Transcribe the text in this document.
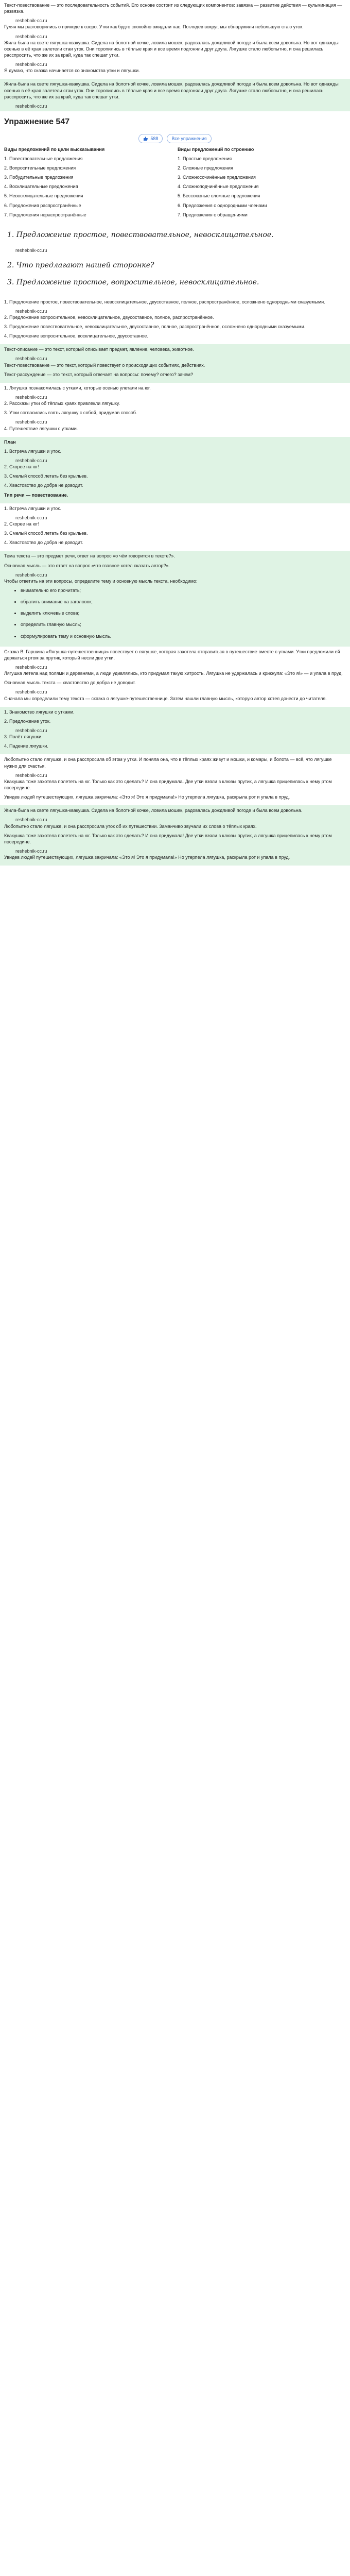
Текст-повествование — это последовательность событий. Его основе состоит из следующих компонентов: завязка — развитие действия — кульминация — развязка.

reshebnik-cc.ru

Гуляя мы разговорились о приходе к озеро. Утки как будто спокойно ожидали нас. Поглядев вокруг, мы обнаружили небольшую стаю уток.

reshebnik-cc.ru

Жила-была на свете лягушка-квакушка. Сидела на болотной кочке, ловила мошек, радовалась дождливой погоде и была всем довольна. Но вот однажды осенью в её края залетели стаи уток. Они торопились в тёплые края и все время подгоняли друг друга. Лягушке стало любопытно, и она решилась расспросить, что же их за край, куда так спешат утки.

reshebnik-cc.ru

Я думаю, что сказка начинается со знакомства утки и лягушки.

Жила-была на свете лягушка-квакушка. Сидела на болотной кочке, ловила мошек, радовалась дождливой погоде и была всем довольна. Но вот однажды осенью в её края залетели стаи уток. Они торопились в тёплые края и все время подгоняли друг друга. Лягушке стало любопытно, и она решилась расспросить, что же их за край, куда так спешат утки.

reshebnik-cc.ru
Упражнение 547
588	Все упражнения

Виды предложений по цели высказывания

1. Повествовательные предложения

2. Вопросительные предложения

3. Побудительные предложения

4. Восклицательные предложения

5. Невосклицательные предложения

6. Предложения распространённые

7. Предложения нераспространённые

Виды предложений по строению

1. Простые предложения

2. Сложные предложения

3. Сложносочинённые предложения

4. Сложноподчинённые предложения

5. Бессоюзные сложные предложения

6. Предложения с однородными членами

7. Предложения с обращениями

1. Предложение простое, повествовательное, невосклицательное.

reshebnik-cc.ru

2. Что предлагают нашей сторонке?

3. Предложение простое, вопросительное, невосклицательное.

1. Предложение простое, повествовательное, невосклицательное, двусоставное, полное, распространённое, осложнено однородными сказуемыми.

reshebnik-cc.ru

2. Предложение вопросительное, невосклицательное, двусоставное, полное, распространённое.

3. Предложение повествовательное, невосклицательное, двусоставное, полное, распространённое, осложнено однородными сказуемыми.

4. Предложение вопросительное, восклицательное, двусоставное.

Текст-описание — это текст, который описывает предмет, явление, человека, животное.

reshebnik-cc.ru

Текст-повествование — это текст, который повествует о происходящих событиях, действиях.

Текст-рассуждение — это текст, который отвечает на вопросы: почему? отчего? зачем?

1. Лягушка познакомилась с утками, которые осенью улетали на юг.

reshebnik-cc.ru

2. Рассказы утки об тёплых краях привлекли лягушку.

3. Утки согласились взять лягушку с собой, придумав способ.

reshebnik-cc.ru

4. Путешествие лягушки с утками.

План

1. Встреча лягушки и уток.

reshebnik-cc.ru

2. Скорее на юг!

3. Смелый способ летать без крыльев.

4. Хвастовство до добра не доводит.

Тип речи — повествование.

1. Встреча лягушки и уток.

reshebnik-cc.ru

2. Скорее на юг!

3. Смелый способ летать без крыльев.

4. Хвастовство до добра не доводит.

Тема текста — это предмет речи, ответ на вопрос «о чём говорится в тексте?».

Основная мысль — это ответ на вопрос «что главное хотел сказать автор?».

reshebnik-cc.ru

Чтобы ответить на эти вопросы, определите тему и основную мысль текста, необходимо:

• внимательно его прочитать;
• обратить внимание на заголовок;
• выделить ключевые слова;
• определить главную мысль;
• сформулировать тему и основную мысль.

Сказка В. Гаршина «Лягушка-путешественница» повествует о лягушке, которая захотела отправиться в путешествие вместе с утками. Утки предложили ей держаться ртом за прутик, который несли две утки.

reshebnik-cc.ru

Лягушка летела над полями и деревнями, а люди удивлялись, кто придумал такую хитрость. Лягушка не удержалась и крикнула: «Это я!» — и упала в пруд.

Основная мысль текста — хвастовство до добра не доводит.

reshebnik-cc.ru

Сначала мы определили тему текста — сказка о лягушке-путешественнице. Затем нашли главную мысль, которую автор хотел донести до читателя.

1. Знакомство лягушки с утками.

2. Предложение уток.

reshebnik-cc.ru

3. Полёт лягушки.

4. Падение лягушки.

Любопытно стало лягушке, и она расспросила об этом у утки. И поняла она, что в тёплых краях живут и мошки, и комары, и болота — всё, что лягушке нужно для счастья.

reshebnik-cc.ru

Квакушка тоже захотела полететь на юг. Только как это сделать? И она придумала. Две утки взяли в клювы прутик, а лягушка прицепилась к нему ртом посередине.

Увидев людей путешествующих, лягушка закричала: «Это я! Это я придумала!» Но утерпела лягушка, раскрыла рот и упала в пруд.

Жила-была на свете лягушка-квакушка. Сидела на болотной кочке, ловила мошек, радовалась дождливой погоде и была всем довольна.

reshebnik-cc.ru

Любопытно стало лягушке, и она расспросила уток об их путешествии. Заманчиво звучали их слова о тёплых краях.

Квакушка тоже захотела полететь на юг. Только как это сделать? И она придумала! Две утки взяли в клювы прутик, а лягушка прицепилась к нему ртом посередине.

reshebnik-cc.ru

Увидев людей путешествующих, лягушка закричала: «Это я! Это я придумала!» Но утерпела лягушка, раскрыла рот и упала в пруд.
